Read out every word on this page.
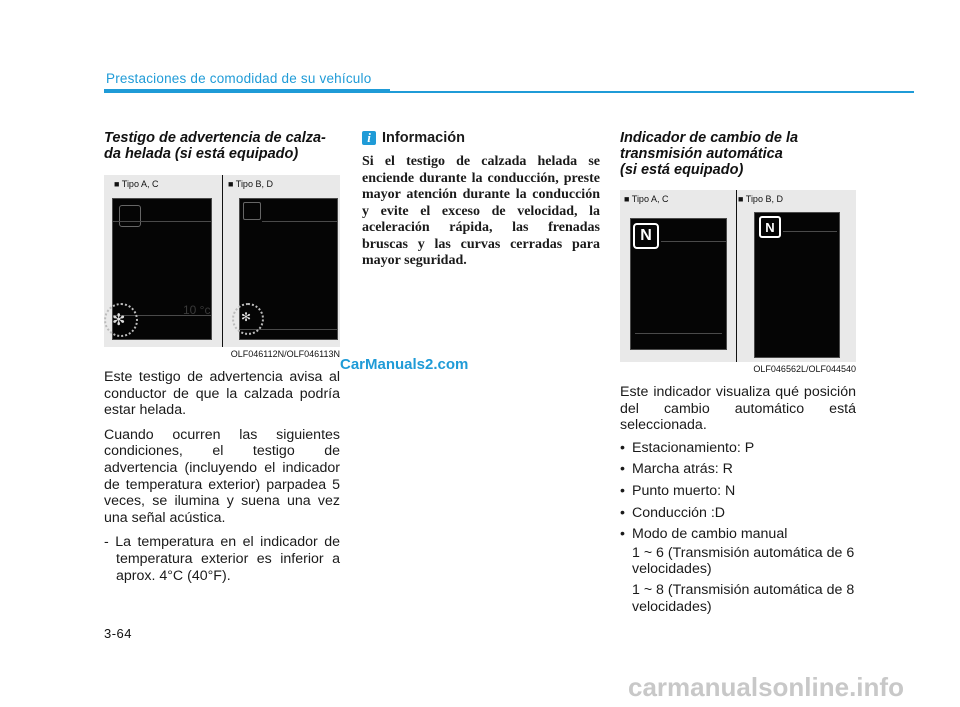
Prestaciones de comodidad de su vehículo
Testigo de advertencia de calza-
da helada (si está equipado)
■ Tipo A, C	■ Tipo B, D
10 °c
✻	✻
OLF046112N/OLF046113N

Este testigo de advertencia avisa al conductor de que la calzada podría estar helada.

Cuando ocurren las siguientes condiciones, el testigo de advertencia (incluyendo el indicador de temperatura exterior) parpadea 5 veces, se ilumina y suena una vez una señal acústica.

- La temperatura en el indicador de temperatura exterior es inferior a aprox. 4°C (40°F).
i Información

Si el testigo de calzada helada se enciende durante la conducción, preste mayor atención durante la conducción y evite el exceso de velocidad, la aceleración rápida, las frenadas bruscas y las curvas cerradas para mayor seguridad.

Indicador de cambio de la
transmisión automática
(si está equipado)
■ Tipo A, C	■ Tipo B, D
N	N
OLF046562L/OLF044540

Este indicador visualiza qué posición del cambio automático está seleccionada.

• Estacionamiento: P
• Marcha atrás: R
• Punto muerto: N
• Conducción :D
• Modo de cambio manual
1 ~ 6 (Transmisión automática de 6 velocidades)
1 ~ 8 (Transmisión automática de 8 velocidades)
CarManuals2.com
3-64
carmanualsonline.info
